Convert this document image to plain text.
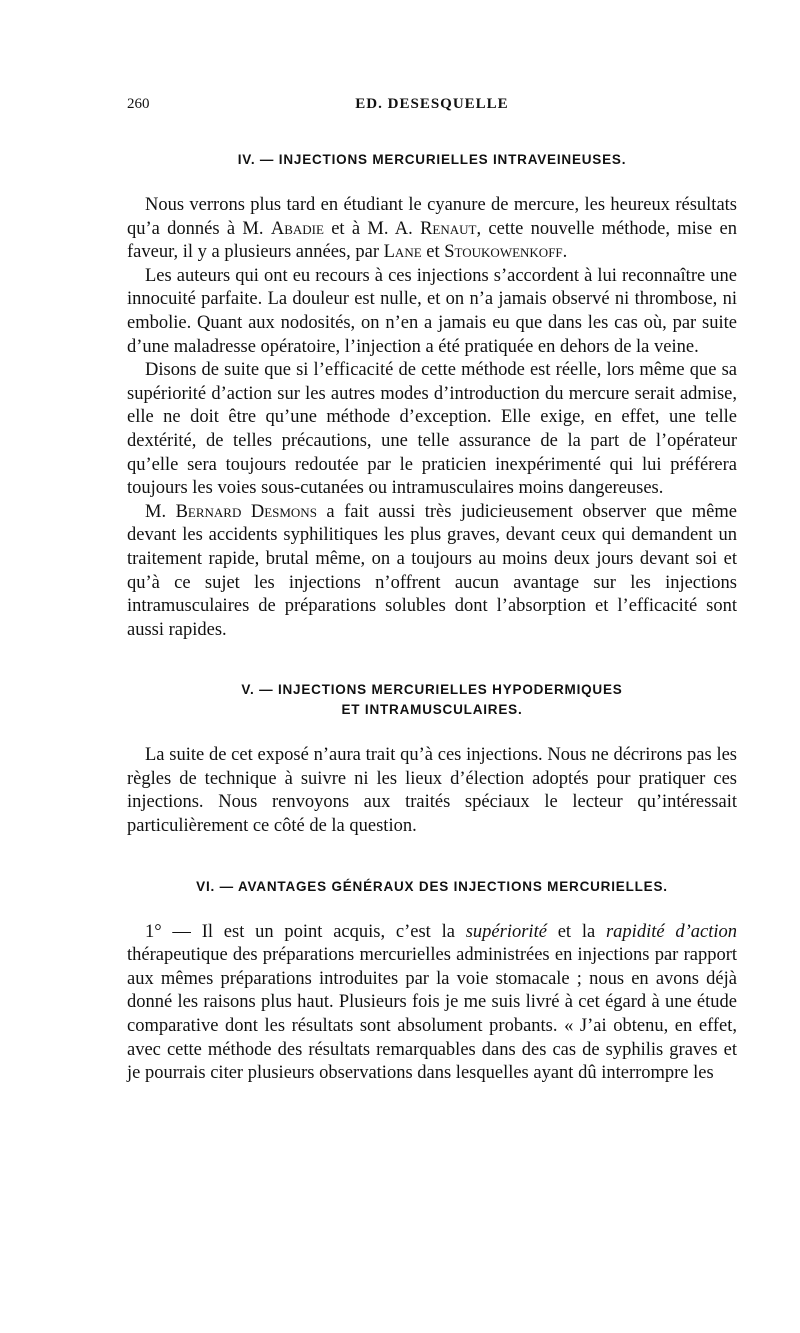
260	ED. DESESQUELLE
IV. — INJECTIONS MERCURIELLES INTRAVEINEUSES.

Nous verrons plus tard en étudiant le cyanure de mercure, les heureux résultats qu’a donnés à M. Abadie et à M. A. Renaut, cette nouvelle méthode, mise en faveur, il y a plusieurs années, par Lane et Stoukowenkoff.

Les auteurs qui ont eu recours à ces injections s’accordent à lui reconnaître une innocuité parfaite. La douleur est nulle, et on n’a jamais observé ni thrombose, ni embolie. Quant aux nodosités, on n’en a jamais eu que dans les cas où, par suite d’une maladresse opératoire, l’injection a été pratiquée en dehors de la veine.

Disons de suite que si l’efficacité de cette méthode est réelle, lors même que sa supériorité d’action sur les autres modes d’introduction du mercure serait admise, elle ne doit être qu’une méthode d’exception. Elle exige, en effet, une telle dextérité, de telles précautions, une telle assurance de la part de l’opérateur qu’elle sera toujours redoutée par le praticien inexpérimenté qui lui préférera toujours les voies sous-cutanées ou intramusculaires moins dangereuses.

M. Bernard Desmons a fait aussi très judicieusement observer que même devant les accidents syphilitiques les plus graves, devant ceux qui demandent un traitement rapide, brutal même, on a toujours au moins deux jours devant soi et qu’à ce sujet les injections n’offrent aucun avantage sur les injections intramusculaires de préparations solubles dont l’absorption et l’efficacité sont aussi rapides.

V. — INJECTIONS MERCURIELLES HYPODERMIQUES
ET INTRAMUSCULAIRES.

La suite de cet exposé n’aura trait qu’à ces injections. Nous ne décrirons pas les règles de technique à suivre ni les lieux d’élection adoptés pour pratiquer ces injections. Nous renvoyons aux traités spéciaux le lecteur qu’intéressait particulièrement ce côté de la question.

VI. — AVANTAGES GÉNÉRAUX DES INJECTIONS MERCURIELLES.

1° — Il est un point acquis, c’est la supériorité et la rapidité d’action thérapeutique des préparations mercurielles administrées en injections par rapport aux mêmes préparations introduites par la voie stomacale ; nous en avons déjà donné les raisons plus haut. Plusieurs fois je me suis livré à cet égard à une étude comparative dont les résultats sont absolument probants. « J’ai obtenu, en effet, avec cette méthode des résultats remarquables dans des cas de syphilis graves et je pourrais citer plusieurs observations dans lesquelles ayant dû interrompre les
